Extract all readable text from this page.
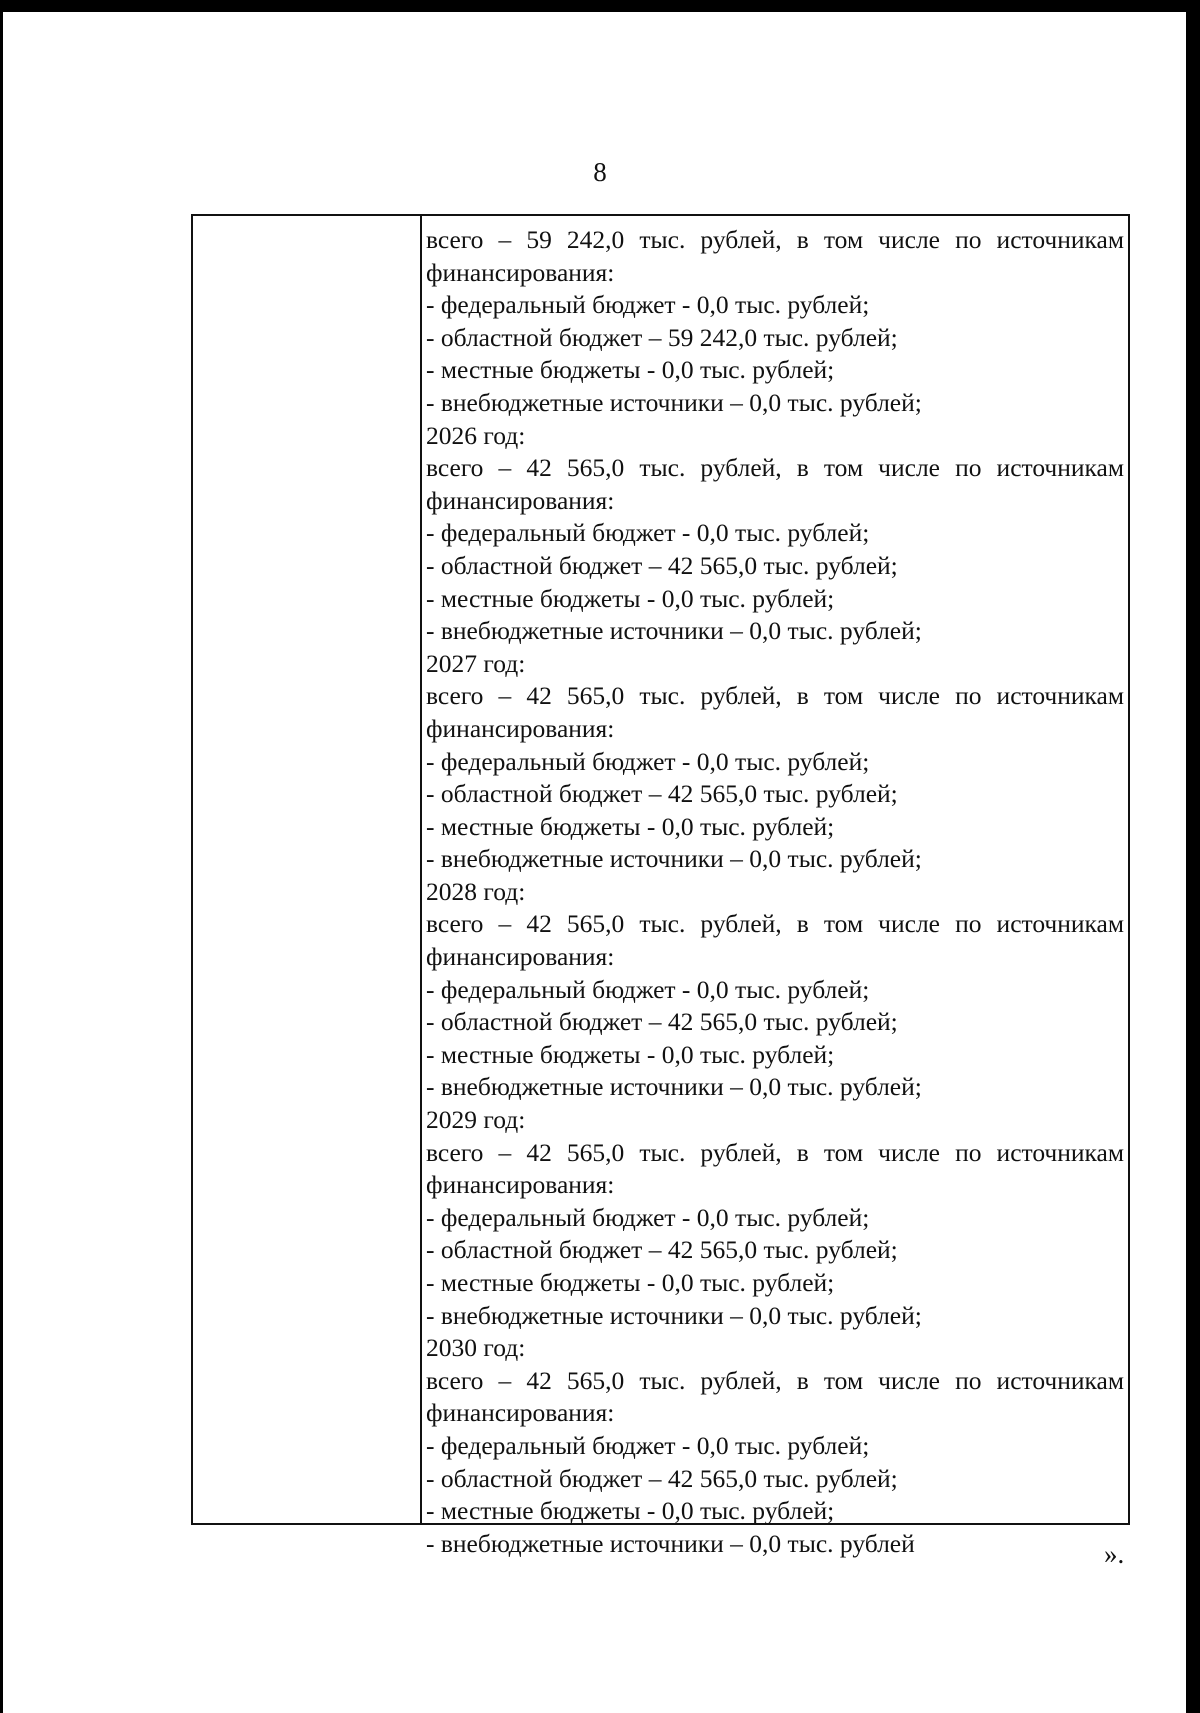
8
всего – 59 242,0 тыс. рублей, в том числе по источникам
финансирования:
- федеральный бюджет - 0,0 тыс. рублей;
- областной бюджет – 59 242,0 тыс. рублей;
- местные бюджеты - 0,0 тыс. рублей;
- внебюджетные источники – 0,0 тыс. рублей;
2026 год:
всего – 42 565,0 тыс. рублей, в том числе по источникам
финансирования:
- федеральный бюджет - 0,0 тыс. рублей;
- областной бюджет – 42 565,0 тыс. рублей;
- местные бюджеты - 0,0 тыс. рублей;
- внебюджетные источники – 0,0 тыс. рублей;
2027 год:
всего – 42 565,0 тыс. рублей, в том числе по источникам
финансирования:
- федеральный бюджет - 0,0 тыс. рублей;
- областной бюджет – 42 565,0 тыс. рублей;
- местные бюджеты - 0,0 тыс. рублей;
- внебюджетные источники – 0,0 тыс. рублей;
2028 год:
всего – 42 565,0 тыс. рублей, в том числе по источникам
финансирования:
- федеральный бюджет - 0,0 тыс. рублей;
- областной бюджет – 42 565,0 тыс. рублей;
- местные бюджеты - 0,0 тыс. рублей;
- внебюджетные источники – 0,0 тыс. рублей;
2029 год:
всего – 42 565,0 тыс. рублей, в том числе по источникам
финансирования:
- федеральный бюджет - 0,0 тыс. рублей;
- областной бюджет – 42 565,0 тыс. рублей;
- местные бюджеты - 0,0 тыс. рублей;
- внебюджетные источники – 0,0 тыс. рублей;
2030 год:
всего – 42 565,0 тыс. рублей, в том числе по источникам
финансирования:
- федеральный бюджет - 0,0 тыс. рублей;
- областной бюджет – 42 565,0 тыс. рублей;
- местные бюджеты - 0,0 тыс. рублей;
- внебюджетные источники – 0,0 тыс. рублей	».
